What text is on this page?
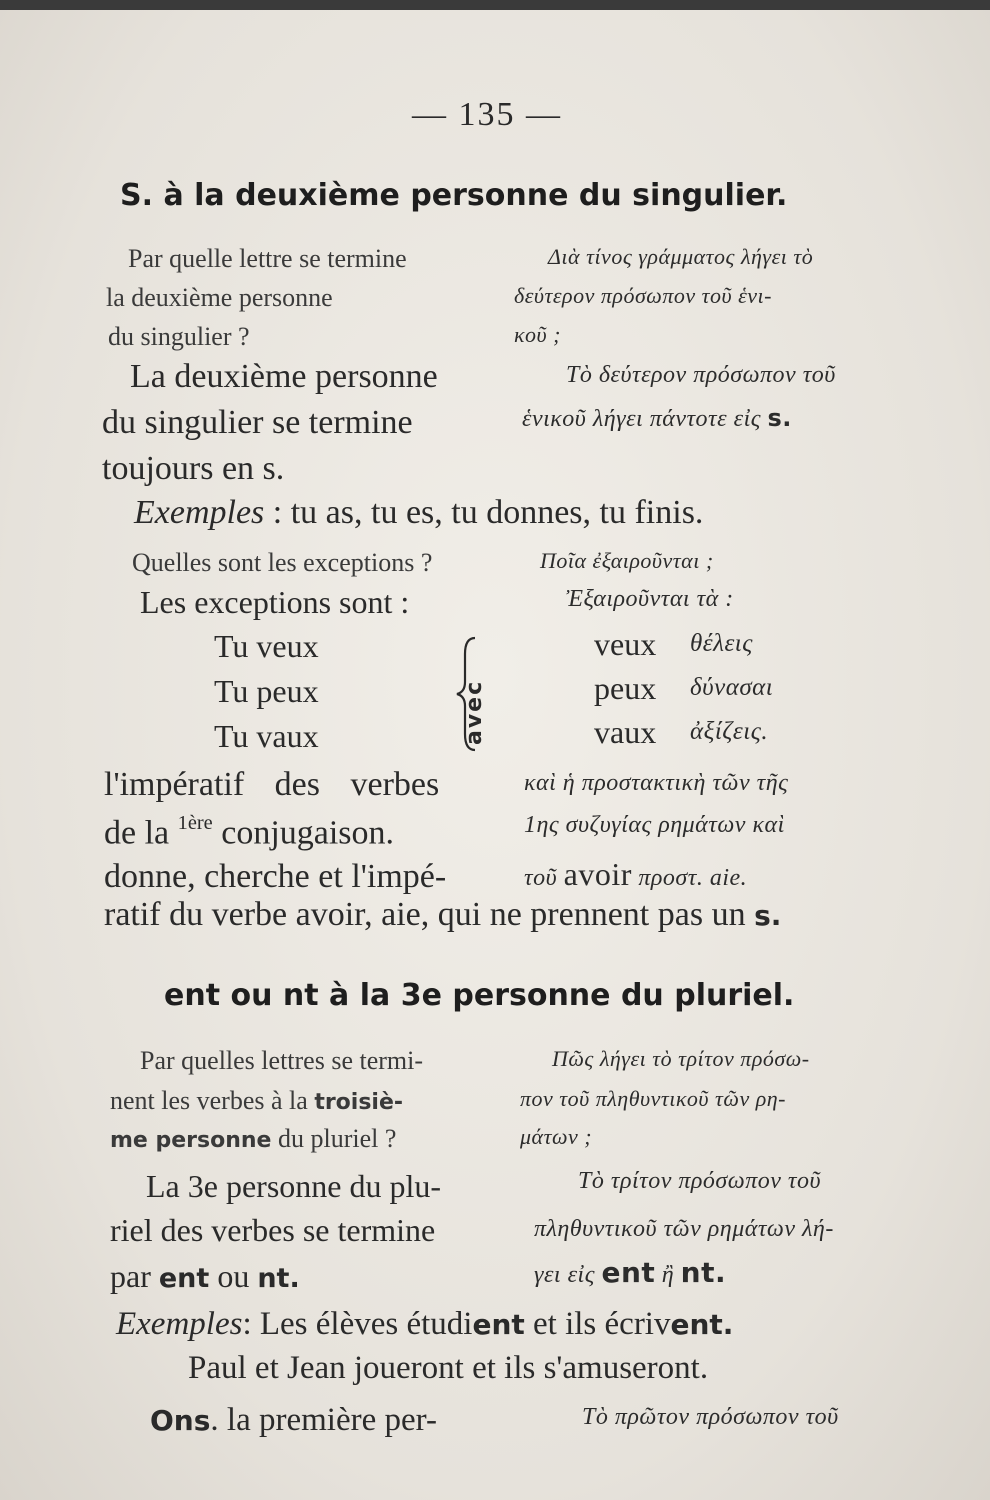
— 135 —
S. à la deuxième personne du singulier.
Par quelle lettre se termine
la deuxième personne
du singulier ?
Διὰ τίνος γράμματος λήγει τὸ
δεύτερον πρόσωπον τοῦ ἑνι-
κοῦ ;
La deuxième personne
du singulier se termine
toujours en s.
Τὸ δεύτερον πρόσωπον τοῦ
ἑνικοῦ λήγει πάντοτε εἰς s.
Exemples : tu as, tu es, tu donnes, tu finis.
Quelles sont les exceptions ?	Ποῖα ἐξαιροῦνται ;
Les exceptions sont :	Ἐξαιροῦνται τὰ :
Tu veux
Tu peux
Tu vaux	avec
veux θέλεις
peux δύνασαι
vaux ἀξίζεις.
l'impératif des verbes
de la $^{1ère}$ conjugaison.
donne, cherche et l'impé-
ratif du verbe avoir, aie, qui ne prennent pas un s.
καὶ ἡ προστακτικὴ τῶν τῆς
1ης συζυγίας ρημάτων καὶ
τοῦ avoir προστ. aie.
ent ou nt à la 3e personne du pluriel.
Par quelles lettres se termi-
nent les verbes à la troisiè-
me personne du pluriel ?
Πῶς λήγει τὸ τρίτον πρόσω-
πον τοῦ πληθυντικοῦ τῶν ρη-
μάτων ;
La 3e personne du plu-
riel des verbes se termine
par ent ou nt.
Τὸ τρίτον πρόσωπον τοῦ
πληθυντικοῦ τῶν ρημάτων λή-
γει εἰς ent ἢ nt.
Exemples: Les élèves étudient et ils écrivent.
Paul et Jean joueront et ils s'amuseront.
Ons. la première per-	Τὸ πρῶτον πρόσωπον τοῦ
